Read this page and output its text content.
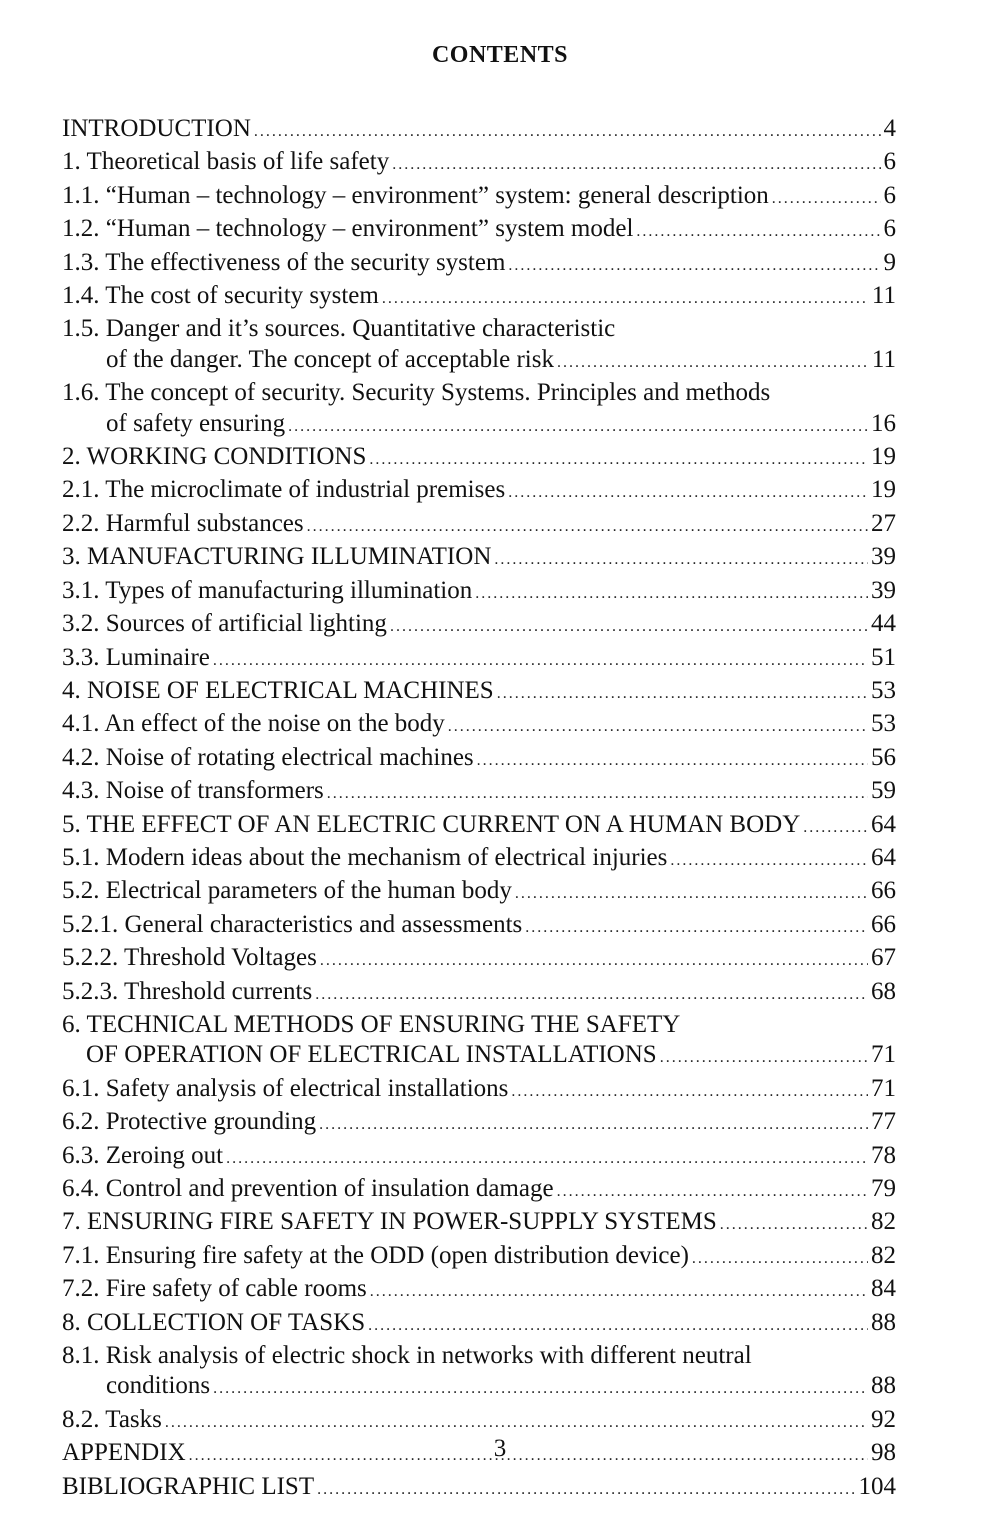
CONTENTS
INTRODUCTION .....	4
1. Theoretical basis of life safety .....	6
1.1. “Human – technology – environment” system: general description .....	6
1.2. “Human – technology – environment” system model .....	6
1.3. The effectiveness of the security system .....	9
1.4. The cost of security system .....	11
1.5. Danger and it’s sources. Quantitative characteristic
of the danger. The concept of acceptable risk .....	11
1.6. The concept of security. Security Systems. Principles and methods
of safety ensuring .....	16
2. WORKING CONDITIONS .....	19
2.1. The microclimate of industrial premises .....	19
2.2. Harmful substances .....	27
3. MANUFACTURING ILLUMINATION .....	39
3.1. Types of manufacturing illumination .....	39
3.2. Sources of artificial lighting .....	44
3.3. Luminaire .....	51
4. NOISE OF ELECTRICAL MACHINES .....	53
4.1. An effect of the noise on the body .....	53
4.2. Noise of rotating electrical machines .....	56
4.3. Noise of transformers .....	59
5. THE EFFECT OF AN ELECTRIC CURRENT ON A HUMAN BODY .....	64
5.1. Modern ideas about the mechanism of electrical injuries .....	64
5.2. Electrical parameters of the human body .....	66
5.2.1. General characteristics and assessments .....	66
5.2.2. Threshold Voltages .....	67
5.2.3. Threshold currents .....	68
6. TECHNICAL METHODS OF ENSURING THE SAFETY
OF OPERATION OF ELECTRICAL INSTALLATIONS .....	71
6.1. Safety analysis of electrical installations .....	71
6.2. Protective grounding .....	77
6.3. Zeroing out .....	78
6.4. Control and prevention of insulation damage .....	79
7. ENSURING FIRE SAFETY IN POWER-SUPPLY SYSTEMS .....	82
7.1. Ensuring fire safety at the ODD (open distribution device) .....	82
7.2. Fire safety of cable rooms .....	84
8. COLLECTION OF TASKS .....	88
8.1. Risk analysis of electric shock in networks with different neutral
conditions .....	88
8.2. Tasks .....	92
APPENDIX .....	98
BIBLIOGRAPHIC LIST .....	104
3
